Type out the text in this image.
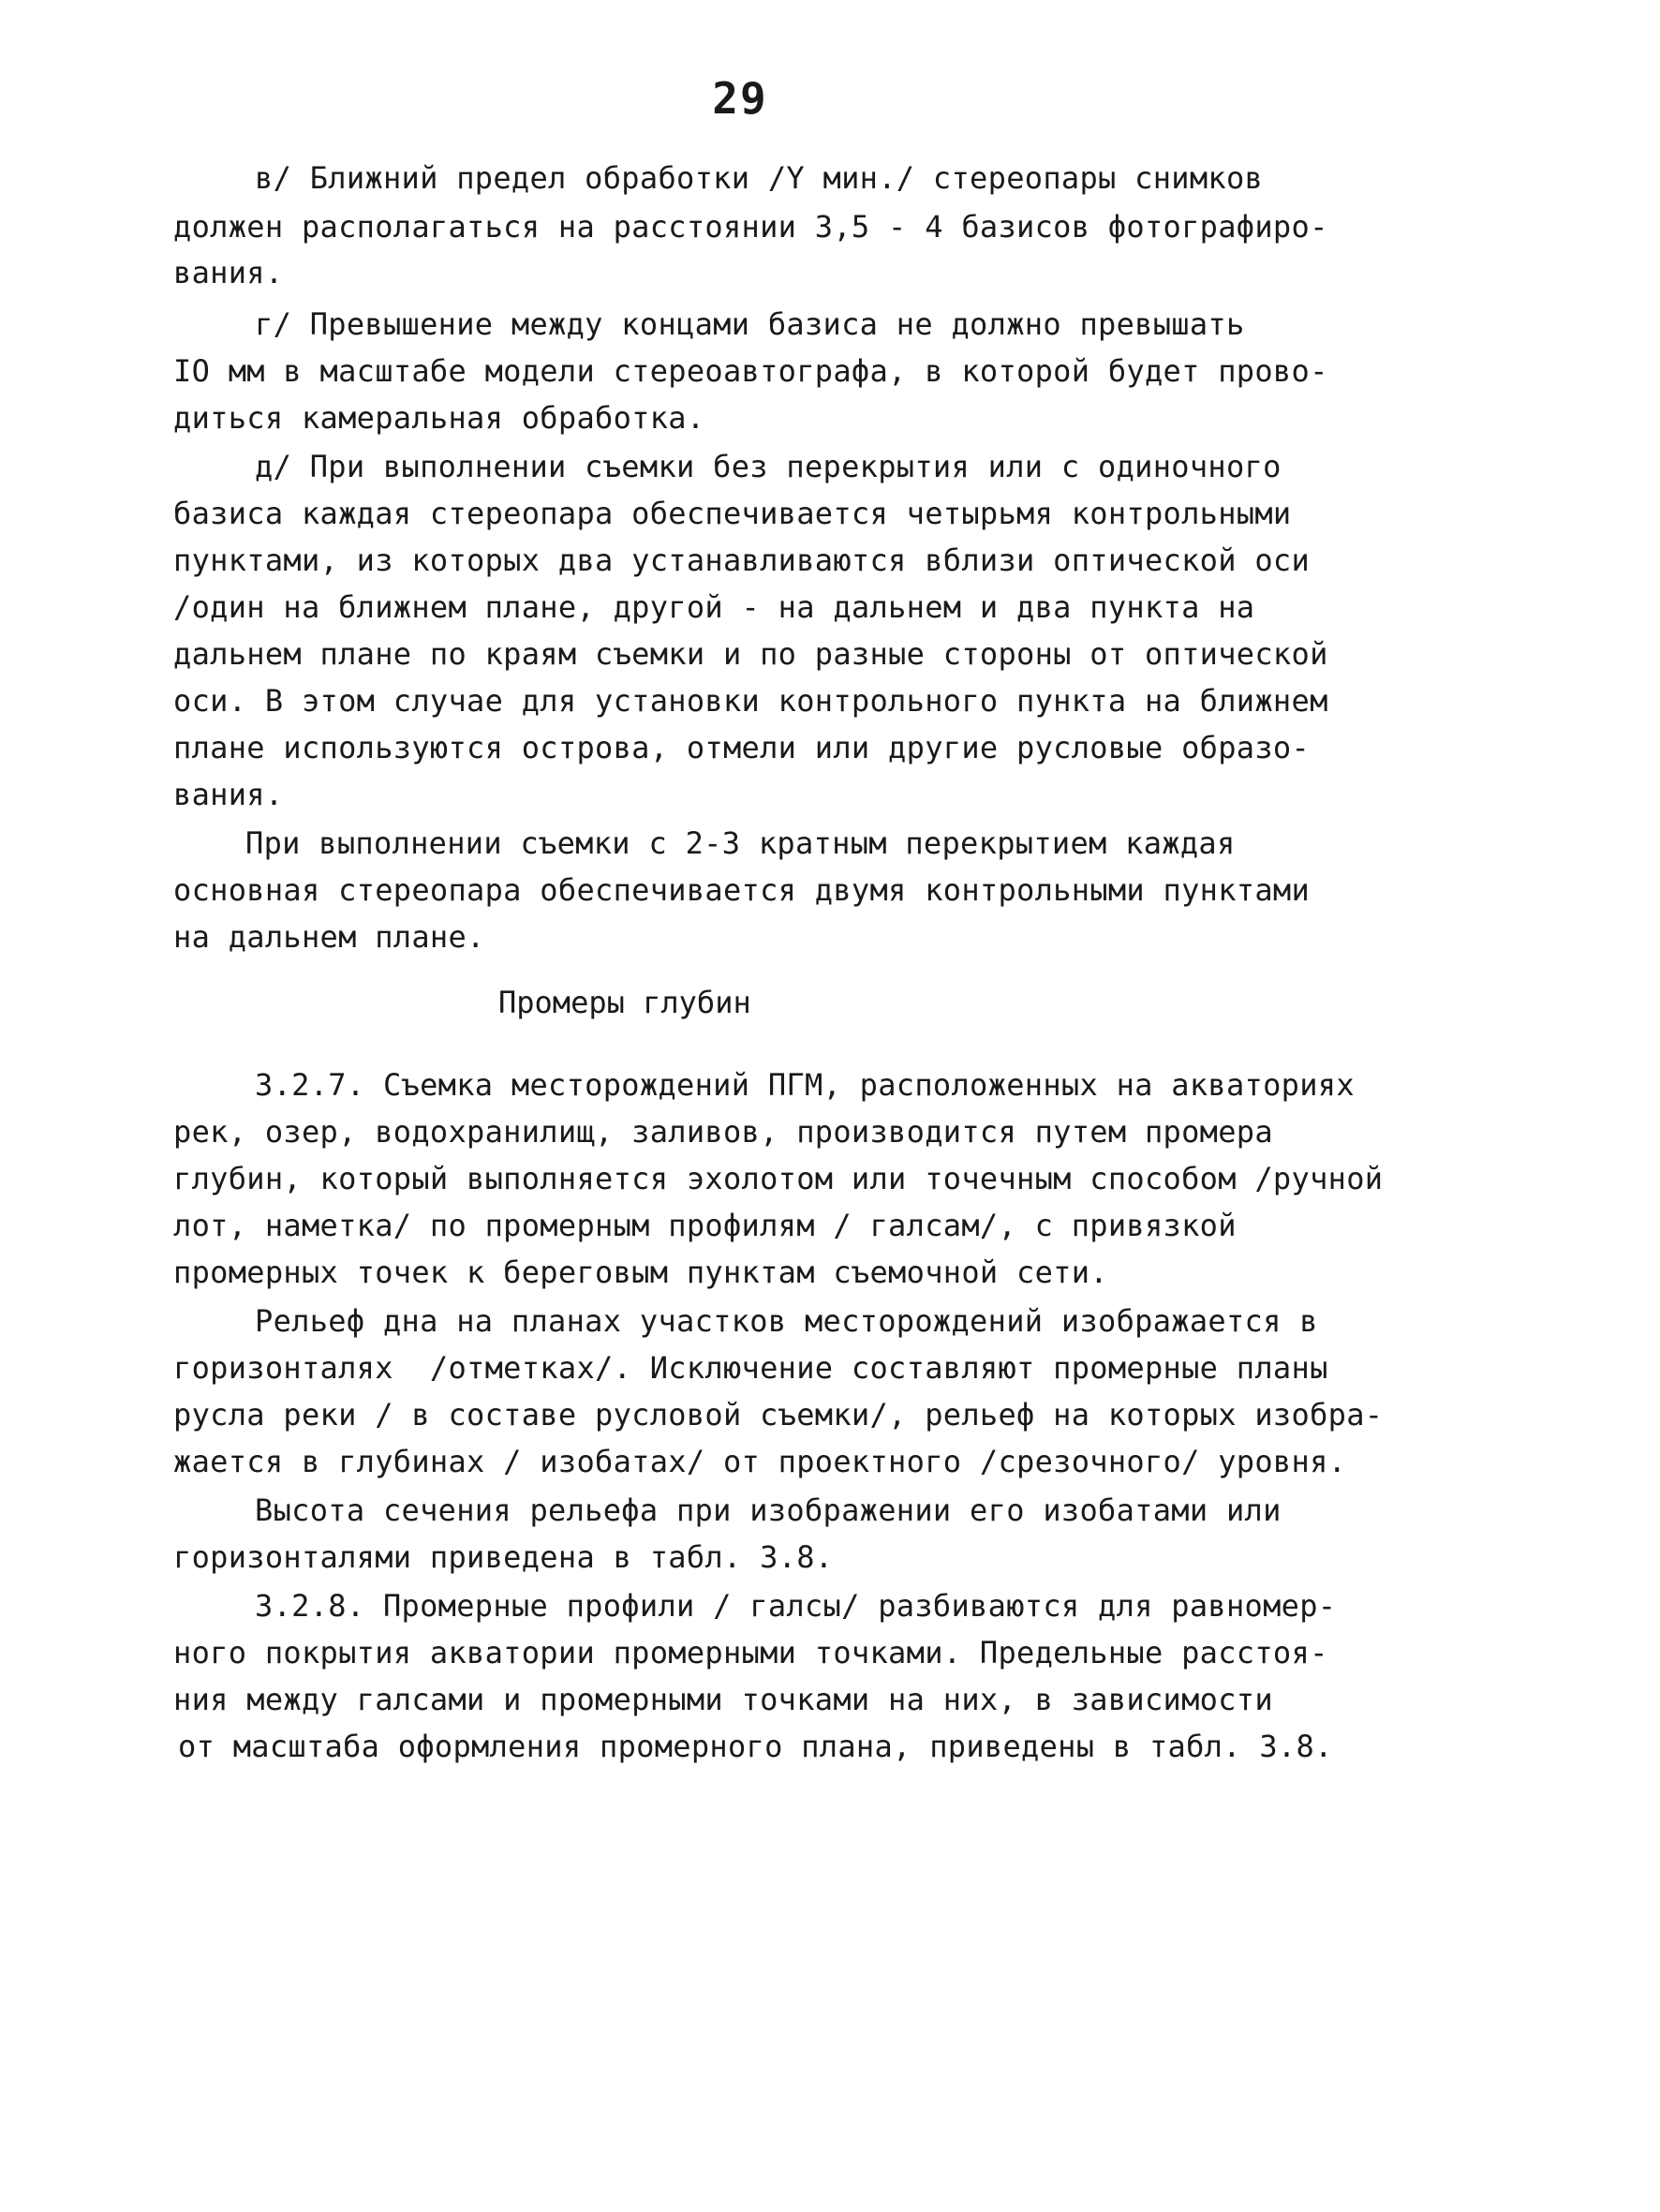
29
в/ Ближний предел обработки /Y мин./ стереопары снимков
должен располагаться на расстоянии 3,5 - 4 базисов фотографиро-
вания.
г/ Превышение между концами базиса не должно превышать
IO мм в масштабе модели стереоавтографа, в которой будет прово-
диться камеральная обработка.
д/ При выполнении съемки без перекрытия или с одиночного
базиса каждая стереопара обеспечивается четырьмя контрольными
пунктами, из которых два устанавливаются вблизи оптической оси
/один на ближнем плане, другой - на дальнем и два пункта на
дальнем плане по краям съемки и по разные стороны от оптической
оси. В этом случае для установки контрольного пункта на ближнем
плане используются острова, отмели или другие русловые образо-
вания.
При выполнении съемки с 2-3 кратным перекрытием каждая
основная стереопара обеспечивается двумя контрольными пунктами
на дальнем плане.
Промеры глубин
3.2.7. Съемка месторождений ПГМ, расположенных на акваториях
рек, озер, водохранилищ, заливов, производится путем промера
глубин, который выполняется эхолотом или точечным способом /ручной
лот, наметка/ по промерным профилям / галсам/, с привязкой
промерных точек к береговым пунктам съемочной сети.
Рельеф дна на планах участков месторождений изображается в
горизонталях  /отметках/. Исключение составляют промерные планы
русла реки / в составе русловой съемки/, рельеф на которых изобра-
жается в глубинах / изобатах/ от проектного /срезочного/ уровня.
Высота сечения рельефа при изображении его изобатами или
горизонталями приведена в табл. 3.8.
3.2.8. Промерные профили / галсы/ разбиваются для равномер-
ного покрытия акватории промерными точками. Предельные расстоя-
ния между галсами и промерными точками на них, в зависимости
от масштаба оформления промерного плана, приведены в табл. 3.8.
